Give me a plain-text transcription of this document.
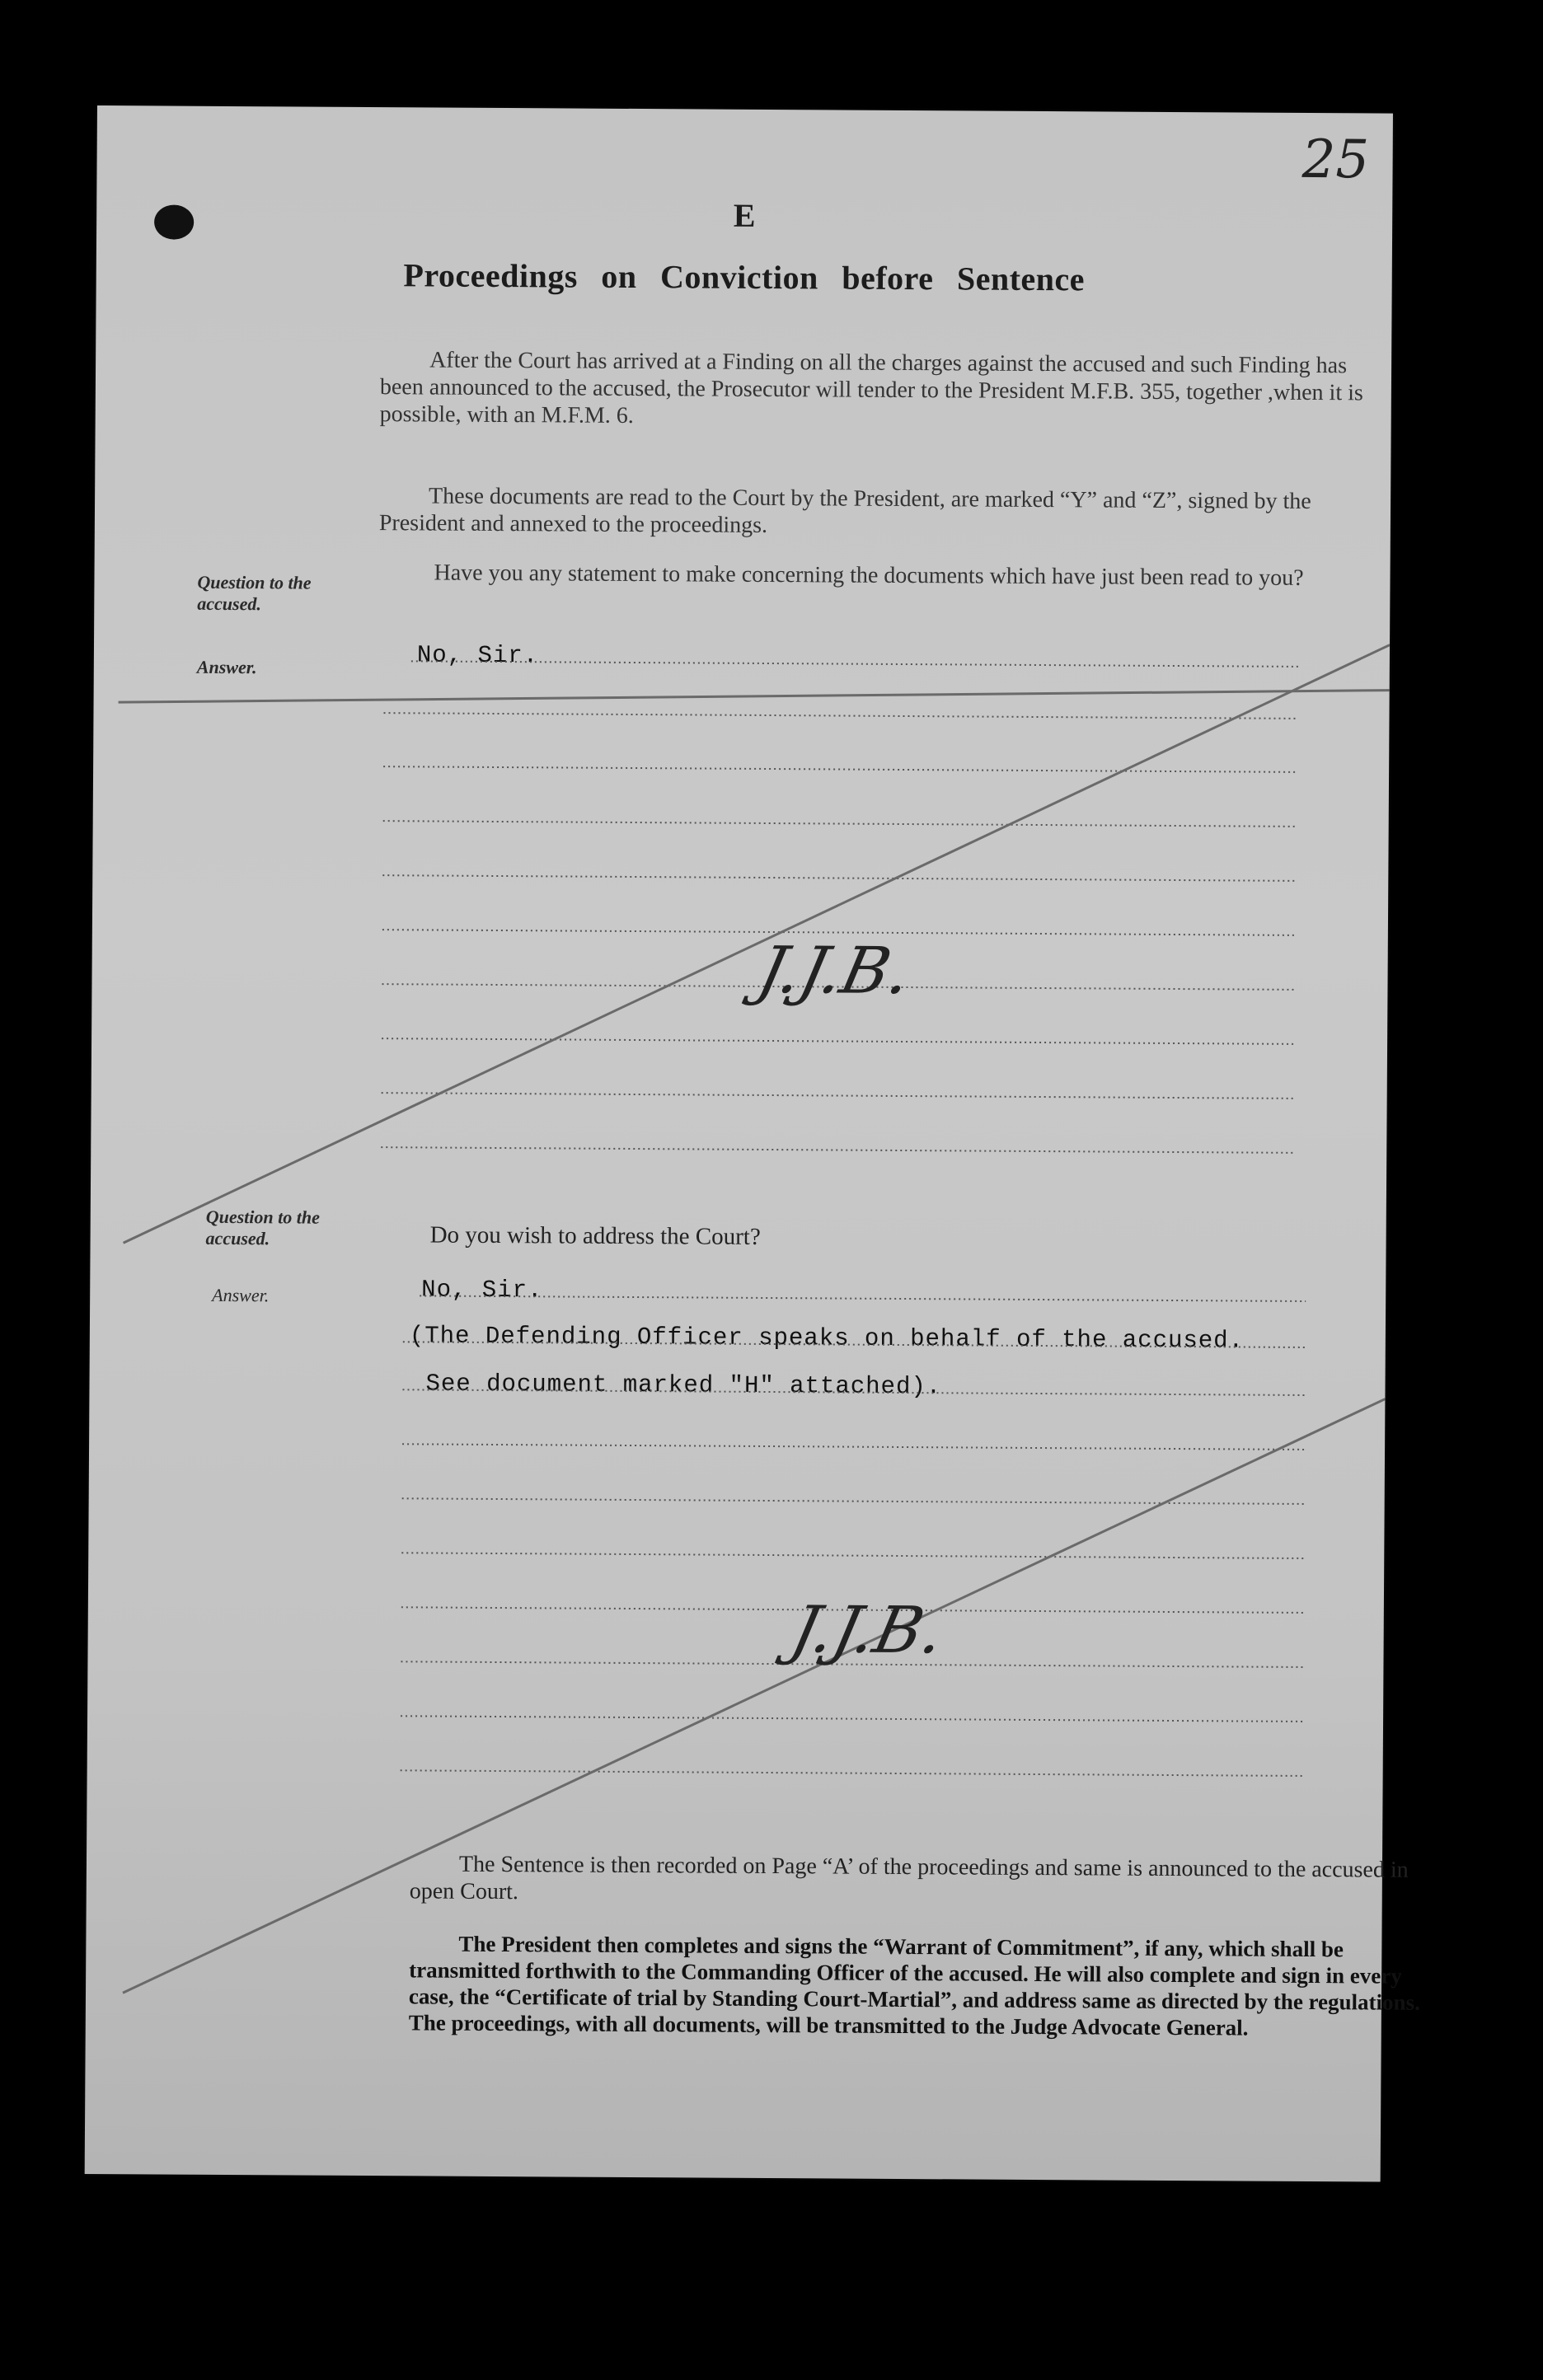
25
E
Proceedings on Conviction before Sentence
After the Court has arrived at a Finding on all the charges against the accused and such Finding has been announced to the accused, the Prosecutor will tender to the President M.F.B. 355, together ,when it is possible, with an M.F.M. 6.
These documents are read to the Court by the President, are marked “Y” and “Z”, signed by the President and annexed to the proceedings.
Question to the accused.
Have you any statement to make concerning the documents which have just been read to you?
Answer.	No, Sir.
Question to the accused.	Do you wish to address the Court?
Answer.	No, Sir.
(The Defending Officer speaks on behalf of the accused.
See document marked "H" attached).
J.J.B.
J.J.B.
The Sentence is then recorded on Page “A’ of the proceedings and same is announced to the accused in open Court.
The President then completes and signs the “Warrant of Commitment”, if any, which shall be transmitted forthwith to the Commanding Officer of the accused. He will also complete and sign in every case, the “Certificate of trial by Standing Court-Martial”, and address same as directed by the regulations. The proceedings, with all documents, will be transmitted to the Judge Advocate General.
